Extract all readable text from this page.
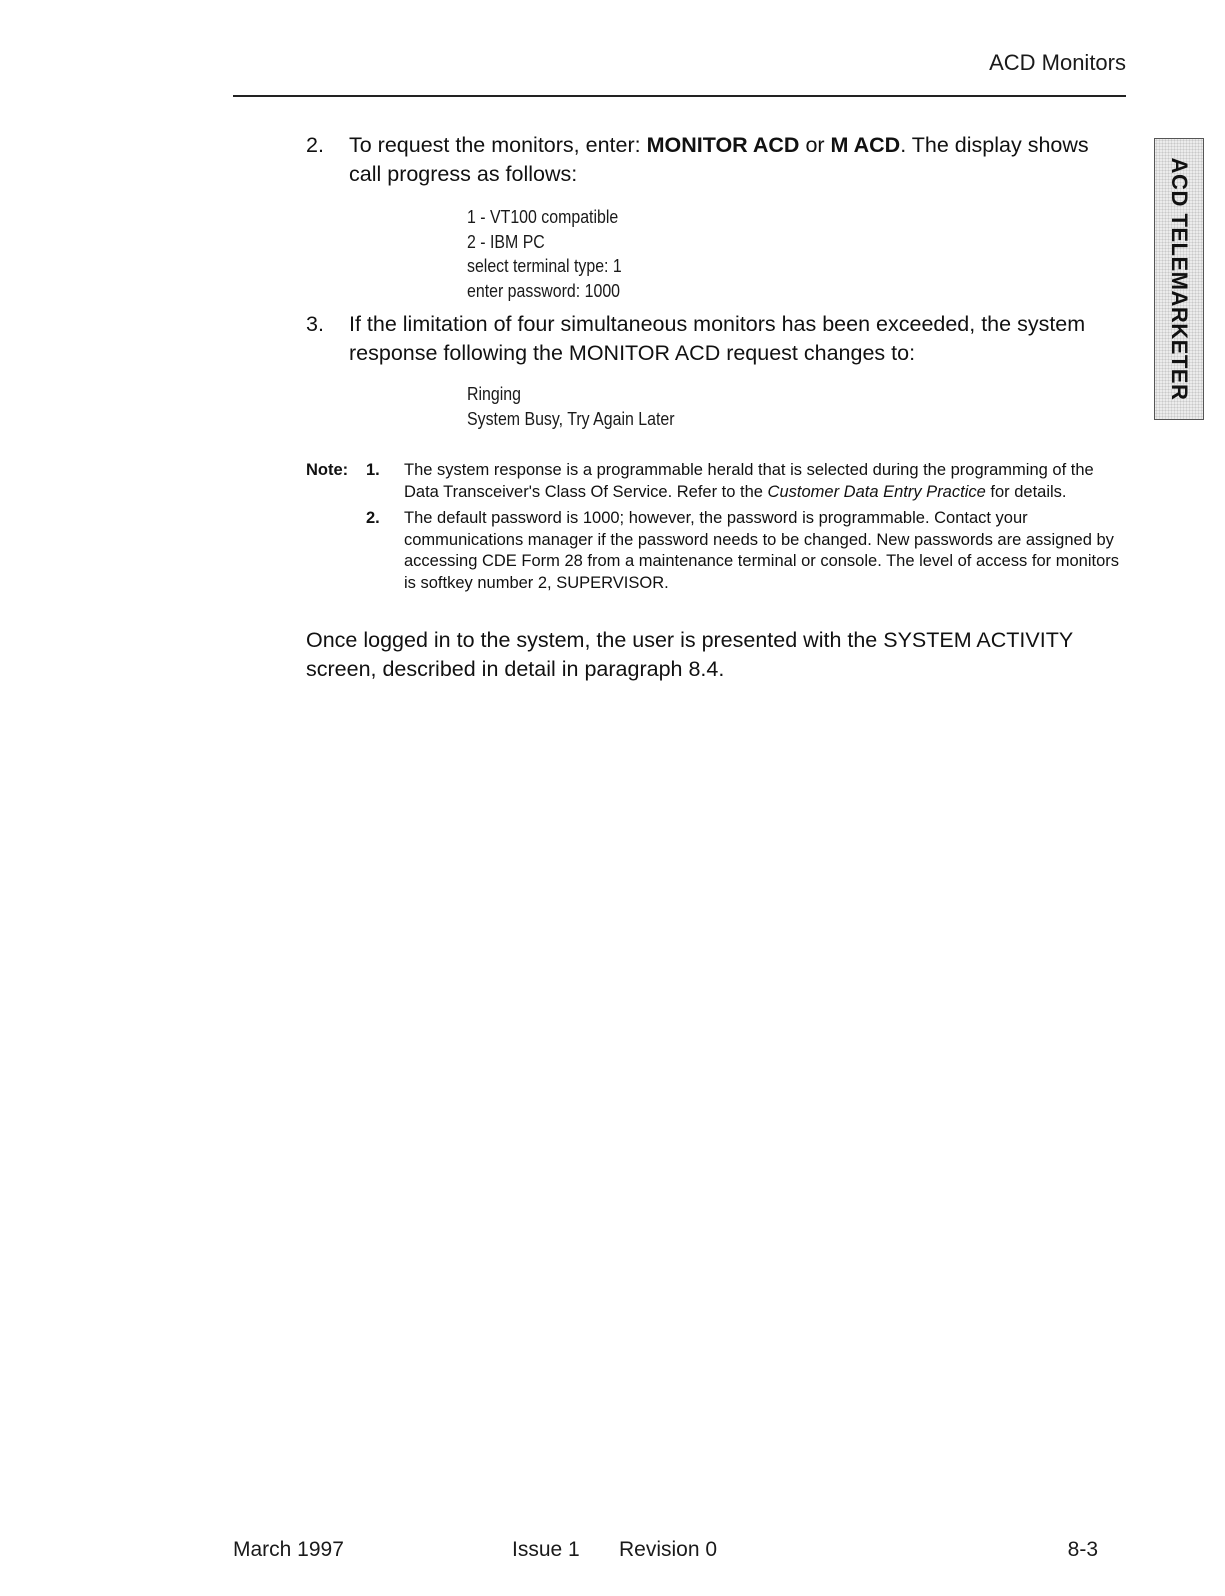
ACD Monitors
ACD TELEMARKETER
2. To request the monitors, enter: MONITOR ACD or M ACD. The display shows call progress as follows:
1 - VT100 compatible
2 - IBM PC
select terminal type: 1
enter password: 1000
3. If the limitation of four simultaneous monitors has been exceeded, the system response following the MONITOR ACD request changes to:
Ringing
System Busy, Try Again Later
Note: 1. The system response is a programmable herald that is selected during the programming of the Data Transceiver's Class Of Service. Refer to the Customer Data Entry Practice for details.
2. The default password is 1000; however, the password is programmable. Contact your communications manager if the password needs to be changed. New passwords are assigned by accessing CDE Form 28 from a maintenance terminal or console. The level of access for monitors is softkey number 2, SUPERVISOR.
Once logged in to the system, the user is presented with the SYSTEM ACTIVITY screen, described in detail in paragraph 8.4.
March 1997	Issue 1 Revision 0	8-3
